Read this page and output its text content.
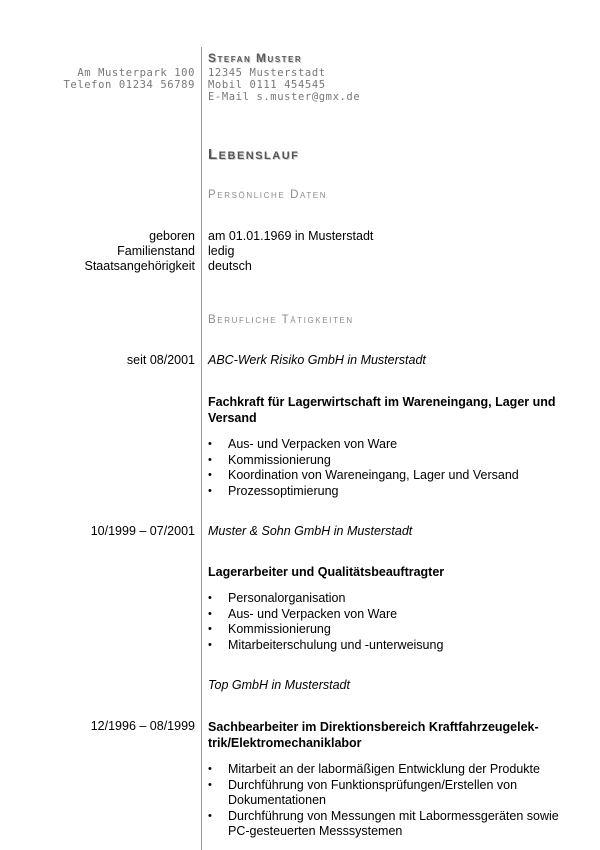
Stefan Muster
Am Musterpark 100
Telefon 01234 56789
12345 Musterstadt
Mobil 0111 454545
E-Mail s.muster@gmx.de
Lebenslauf
Persönliche Daten
geboren am 01.01.1969 in Musterstadt
Familienstand ledig
Staatsangehörigkeit deutsch
Berufliche Tätigkeiten
seit 08/2001 ABC-Werk Risiko GmbH in Musterstadt
Fachkraft für Lagerwirtschaft im Wareneingang, Lager und Versand
• Aus- und Verpacken von Ware
• Kommissionierung
• Koordination von Wareneingang, Lager und Versand
• Prozessoptimierung
10/1999 – 07/2001 Muster & Sohn GmbH in Musterstadt
Lagerarbeiter und Qualitätsbeauftragter
• Personalorganisation
• Aus- und Verpacken von Ware
• Kommissionierung
• Mitarbeiterschulung und -unterweisung
Top GmbH in Musterstadt
12/1996 – 08/1999 Sachbearbeiter im Direktionsbereich Kraftfahrzeugelek-trik/Elektromechaniklabor
• Mitarbeit an der labormäßigen Entwicklung der Produkte
• Durchführung von Funktionsprüfungen/Erstellen von Dokumentationen
• Durchführung von Messungen mit Labormessgeräten sowie PC-gesteuerten Messsystemen
